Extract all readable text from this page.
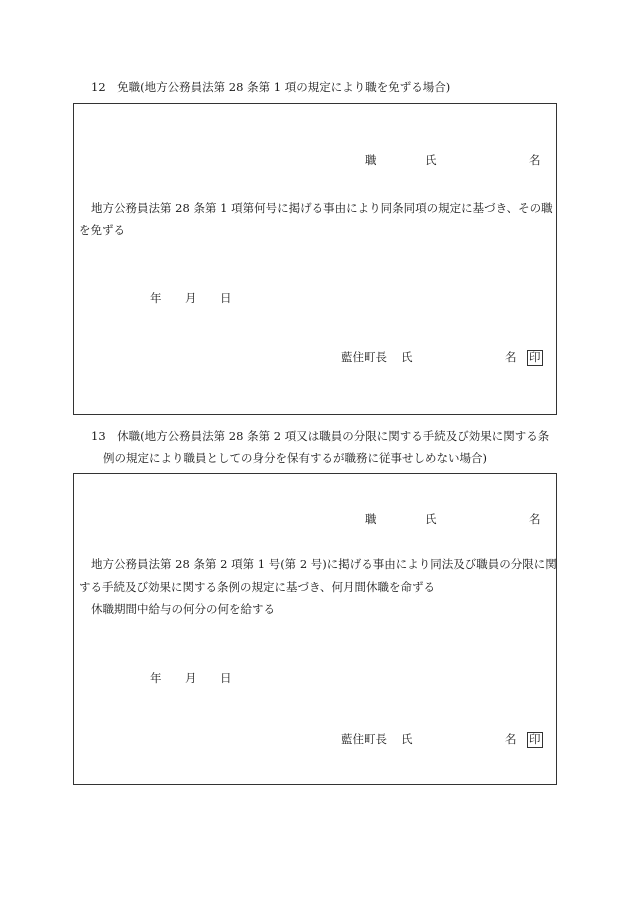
12　免職(地方公務員法第 28 条第 1 項の規定により職を免ずる場合)
職	氏	名
地方公務員法第 28 条第 1 項第何号に掲げる事由により同条同項の規定に基づき、その職
を免ずる
年 月 日
藍住町長 氏	名 印
13　休職(地方公務員法第 28 条第 2 項又は職員の分限に関する手続及び効果に関する条
例の規定により職員としての身分を保有するが職務に従事せしめない場合)
職	氏	名
地方公務員法第 28 条第 2 項第 1 号(第 2 号)に掲げる事由により同法及び職員の分限に関
する手続及び効果に関する条例の規定に基づき、何月間休職を命ずる
休職期間中給与の何分の何を給する
年 月 日
藍住町長 氏	名 印
